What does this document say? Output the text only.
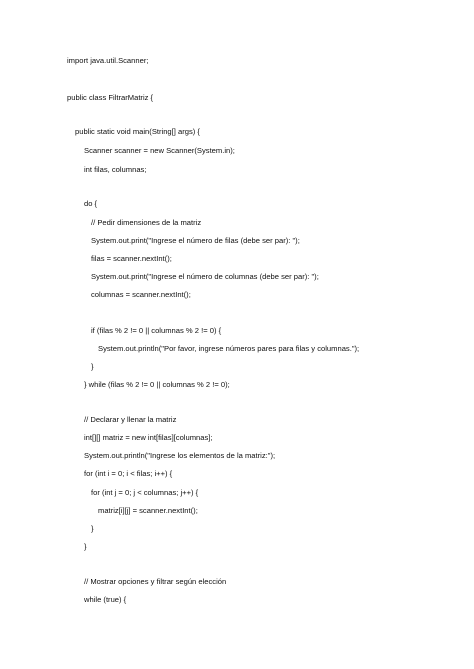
import java.util.Scanner;
public class FiltrarMatriz {
public static void main(String[] args) {
Scanner scanner = new Scanner(System.in);
int filas, columnas;
do {
// Pedir dimensiones de la matriz
System.out.print("Ingrese el número de filas (debe ser par): ");
filas = scanner.nextInt();
System.out.print("Ingrese el número de columnas (debe ser par): ");
columnas = scanner.nextInt();
if (filas % 2 != 0 || columnas % 2 != 0) {
System.out.println("Por favor, ingrese números pares para filas y columnas.");
}
} while (filas % 2 != 0 || columnas % 2 != 0);
// Declarar y llenar la matriz
int[][] matriz = new int[filas][columnas];
System.out.println("Ingrese los elementos de la matriz:");
for (int i = 0; i < filas; i++) {
for (int j = 0; j < columnas; j++) {
matriz[i][j] = scanner.nextInt();
}
}
// Mostrar opciones y filtrar según elección
while (true) {
